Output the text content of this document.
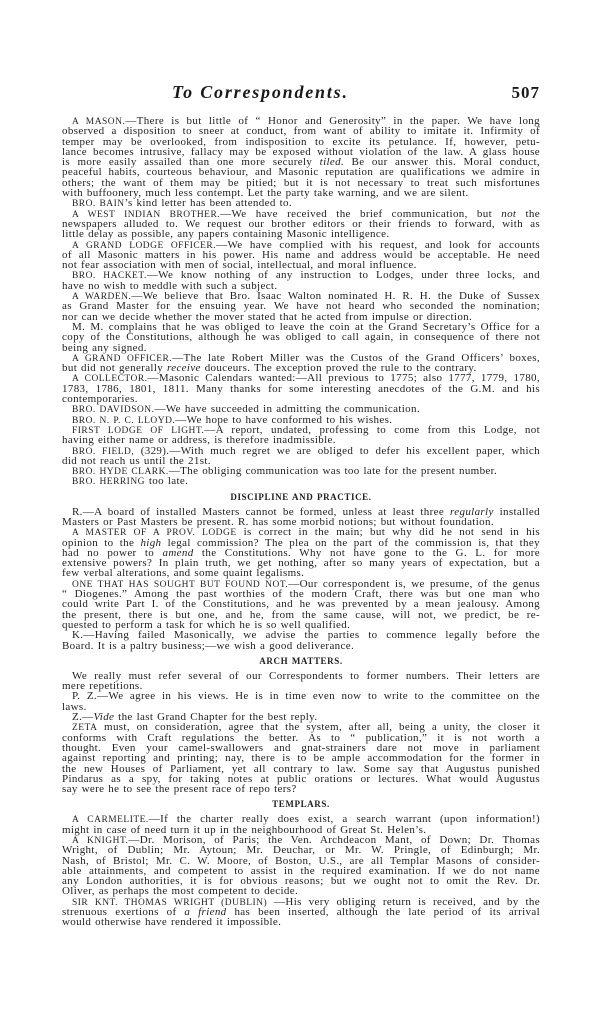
To Correspondents.	507
A MASON.—There is but little of “ Honor and Generosity” in the paper. We have long
observed a disposition to sneer at conduct, from want of ability to imitate it. Infirmity of
temper may be overlooked, from indisposition to excite its petulance. If, however, petu-
lance becomes intrusive, fallacy may be exposed without violation of the law. A glass house
is more easily assailed than one more securely tiled. Be our answer this. Moral conduct,
peaceful habits, courteous behaviour, and Masonic reputation are qualifications we admire in
others; the want of them may be pitied; but it is not necessary to treat such misfortunes
with buffoonery, much less contempt. Let the party take warning, and we are silent.
BRO. BAIN’s kind letter has been attended to.
A WEST INDIAN BROTHER.—We have received the brief communication, but not the
newspapers alluded to. We request our brother editors or their friends to forward, with as
little delay as possible, any papers containing Masonic intelligence.
A GRAND LODGE OFFICER.—We have complied with his request, and look for accounts
of all Masonic matters in his power. His name and address would be acceptable. He need
not fear association with men of social, intellectual, and moral influence.
BRO. HACKET.—We know nothing of any instruction to Lodges, under three locks, and
have no wish to meddle with such a subject.
A WARDEN.—We believe that Bro. Isaac Walton nominated H. R. H. the Duke of Sussex
as Grand Master for the ensuing year. We have not heard who seconded the nomination;
nor can we decide whether the mover stated that he acted from impulse or direction.
M. M. complains that he was obliged to leave the coin at the Grand Secretary’s Office for a
copy of the Constitutions, although he was obliged to call again, in consequence of there not
being any signed.
A GRAND OFFICER.—The late Robert Miller was the Custos of the Grand Officers’ boxes,
but did not generally receive douceurs. The exception proved the rule to the contrary.
A COLLECTOR.—Masonic Calendars wanted:—All previous to 1775; also 1777, 1779, 1780,
1783, 1786, 1801, 1811. Many thanks for some interesting anecdotes of the G.M. and his
contemporaries.
BRO. DAVIDSON.—We have succeeded in admitting the communication.
BRO. N. P. C. LLOYD.—We hope to have conformed to his wishes.
FIRST LODGE OF LIGHT.—A report, undated, professing to come from this Lodge, not
having either name or address, is therefore inadmissible.
BRO. FIELD, (329).—With much regret we are obliged to defer his excellent paper, which
did not reach us until the 21st.
BRO. HYDE CLARK.—The obliging communication was too late for the present number.
BRO. HERRING too late.
DISCIPLINE AND PRACTICE.
R.—A board of installed Masters cannot be formed, unless at least three regularly installed
Masters or Past Masters be present. R. has some morbid notions; but without foundation.
A MASTER OF A PROV. LODGE is correct in the main; but why did he not send in his
opinion to the high legal commission? The plea on the part of the commission is, that they
had no power to amend the Constitutions. Why not have gone to the G. L. for more
extensive powers? In plain truth, we get nothing, after so many years of expectation, but a
few verbal alterations, and some quaint legalisms.
ONE THAT HAS SOUGHT BUT FOUND NOT.—Our correspondent is, we presume, of the genus
“ Diogenes.” Among the past worthies of the modern Craft, there was but one man who
could write Part I. of the Constitutions, and he was prevented by a mean jealousy. Among
the present, there is but one, and he, from the same cause, will not, we predict, be re-
quested to perform a task for which he is so well qualified.
K.—Having failed Masonically, we advise the parties to commence legally before the
Board. It is a paltry business;—we wish a good deliverance.
ARCH MATTERS.
We really must refer several of our Correspondents to former numbers. Their letters are
mere repetitions.
P. Z.—We agree in his views. He is in time even now to write to the committee on the
laws.
Z.—Vide the last Grand Chapter for the best reply.
ZETA must, on consideration, agree that the system, after all, being a unity, the closer it
conforms with Craft regulations the better. As to “ publication,” it is not worth a
thought. Even your camel-swallowers and gnat-strainers dare not move in parliament
against reporting and printing; nay, there is to be ample accommodation for the former in
the new Houses of Parliament, yet all contrary to law. Some say that Augustus punished
Pindarus as a spy, for taking notes at public orations or lectures. What would Augustus
say were he to see the present race of repo ters?
TEMPLARS.
A CARMELITE.—If the charter really does exist, a search warrant (upon information!)
might in case of need turn it up in the neighbourhood of Great St. Helen’s.
A KNIGHT.—Dr. Morison, of Paris; the Ven. Archdeacon Mant, of Down; Dr. Thomas
Wright, of Dublin; Mr. Aytoun; Mr. Deuchar, or Mr. W. Pringle, of Edinburgh; Mr.
Nash, of Bristol; Mr. C. W. Moore, of Boston, U.S., are all Templar Masons of consider-
able attainments, and competent to assist in the required examination. If we do not name
any London authorities, it is for obvious reasons; but we ought not to omit the Rev. Dr.
Oliver, as perhaps the most competent to decide.
SIR KNT. THOMAS WRIGHT (DUBLIN) —His very obliging return is received, and by the
strenuous exertions of a friend has been inserted, although the late period of its arrival
would otherwise have rendered it impossible.
